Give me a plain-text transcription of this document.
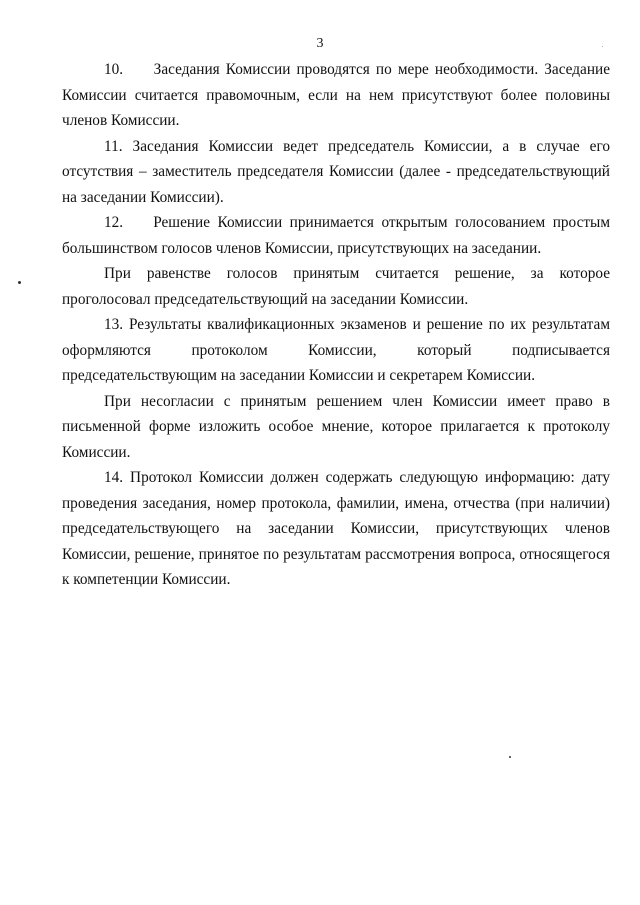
3

10. Заседания Комиссии проводятся по мере необходимости. Заседание Комиссии считается правомочным, если на нем присутствуют более половины членов Комиссии.

11. Заседания Комиссии ведет председатель Комиссии, а в случае его отсутствия – заместитель председателя Комиссии (далее - председательствующий на заседании Комиссии).

12. Решение Комиссии принимается открытым голосованием простым большинством голосов членов Комиссии, присутствующих на заседании.

При равенстве голосов принятым считается решение, за которое проголосовал председательствующий на заседании Комиссии.

13. Результаты квалификационных экзаменов и решение по их результатам оформляются протоколом Комиссии, который подписывается председательствующим на заседании Комиссии и секретарем Комиссии.

При несогласии с принятым решением член Комиссии имеет право в письменной форме изложить особое мнение, которое прилагается к протоколу Комиссии.

14. Протокол Комиссии должен содержать следующую информацию: дату проведения заседания, номер протокола, фамилии, имена, отчества (при наличии) председательствующего на заседании Комиссии, присутствующих членов Комиссии, решение, принятое по результатам рассмотрения вопроса, относящегося к компетенции Комиссии.
